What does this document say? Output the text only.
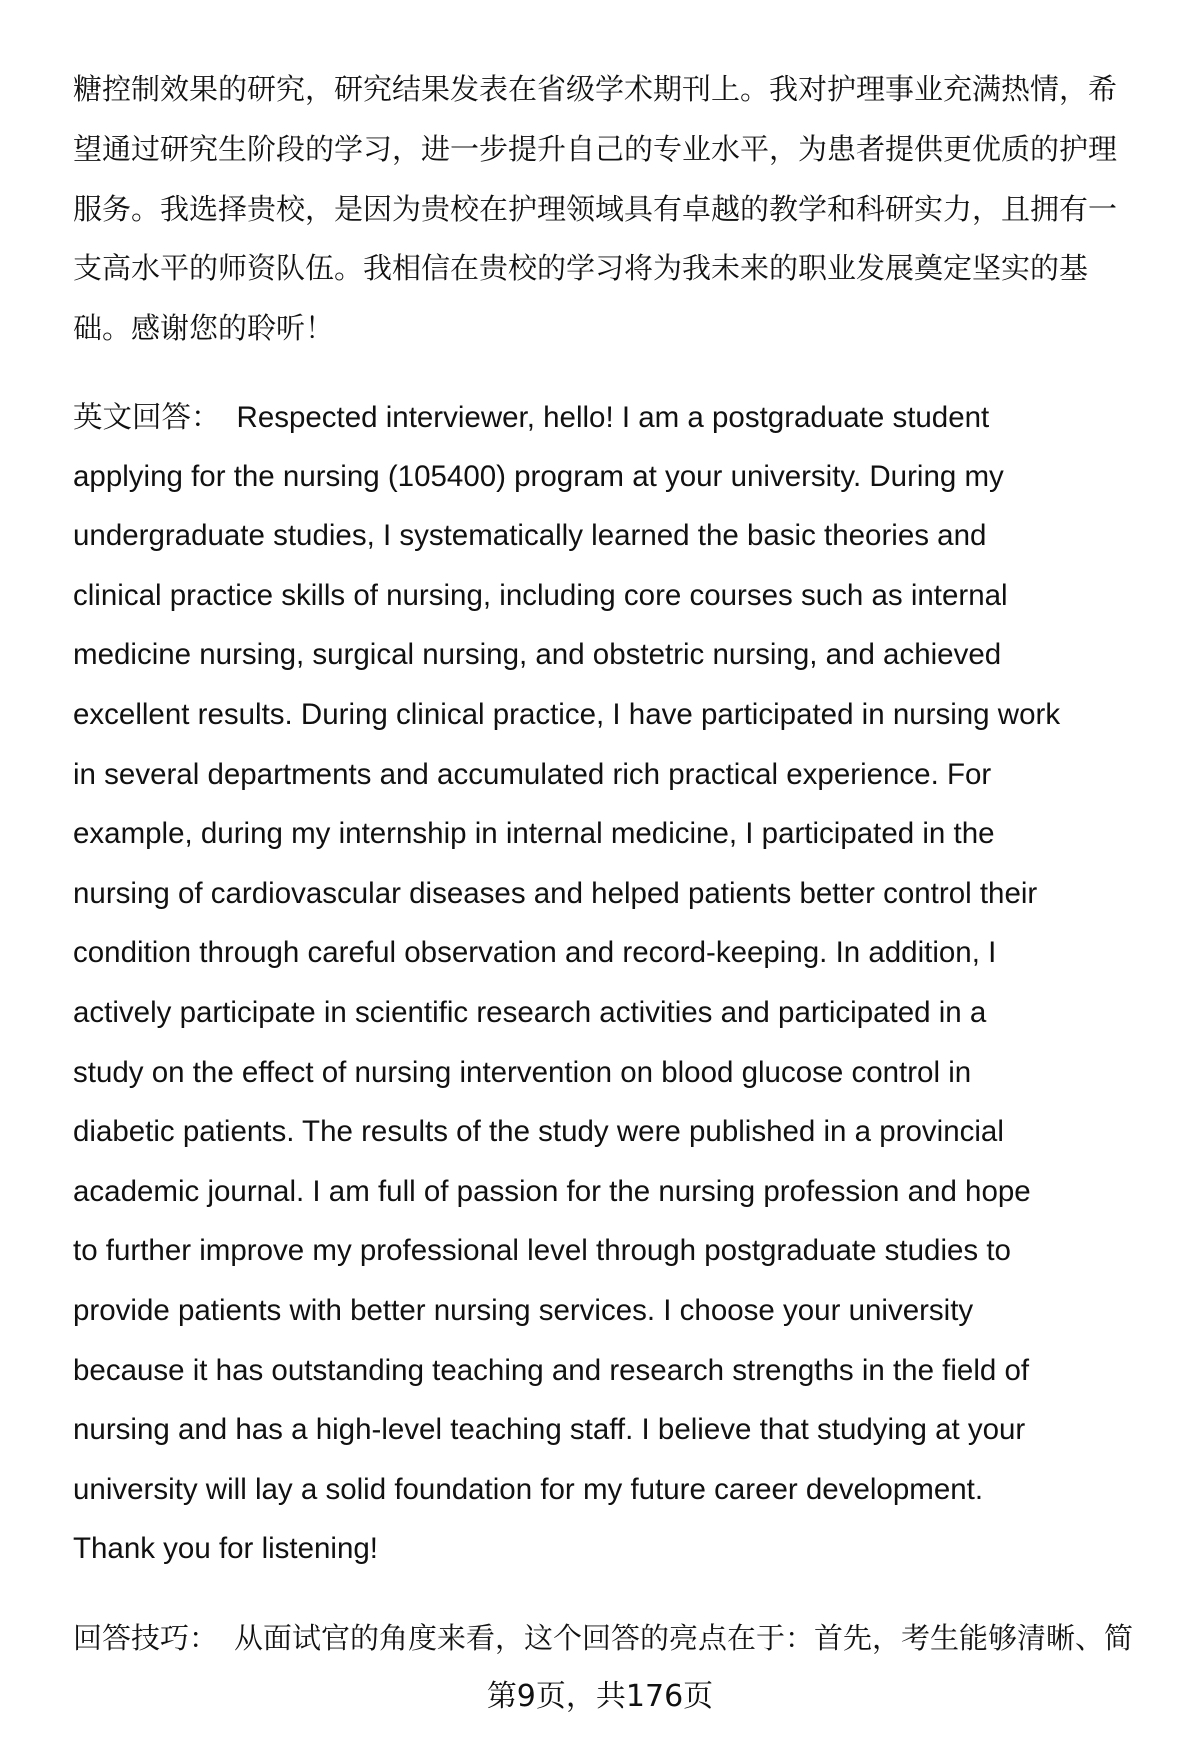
糖控制效果的研究，研究结果发表在省级学术期刊上。我对护理事业充满热情，希
望通过研究生阶段的学习，进一步提升自己的专业水平，为患者提供更优质的护理
服务。我选择贵校，是因为贵校在护理领域具有卓越的教学和科研实力，且拥有一
支高水平的师资队伍。我相信在贵校的学习将为我未来的职业发展奠定坚实的基
础。感谢您的聆听！
英文回答： Respected interviewer, hello! I am a postgraduate student
applying for the nursing (105400) program at your university. During my
undergraduate studies, I systematically learned the basic theories and
clinical practice skills of nursing, including core courses such as internal
medicine nursing, surgical nursing, and obstetric nursing, and achieved
excellent results. During clinical practice, I have participated in nursing work
in several departments and accumulated rich practical experience. For
example, during my internship in internal medicine, I participated in the
nursing of cardiovascular diseases and helped patients better control their
condition through careful observation and record-keeping. In addition, I
actively participate in scientific research activities and participated in a
study on the effect of nursing intervention on blood glucose control in
diabetic patients. The results of the study were published in a provincial
academic journal. I am full of passion for the nursing profession and hope
to further improve my professional level through postgraduate studies to
provide patients with better nursing services. I choose your university
because it has outstanding teaching and research strengths in the field of
nursing and has a high-level teaching staff. I believe that studying at your
university will lay a solid foundation for my future career development.
Thank you for listening!
回答技巧： 从面试官的角度来看，这个回答的亮点在于：首先，考生能够清晰、简
第9页，共176页
